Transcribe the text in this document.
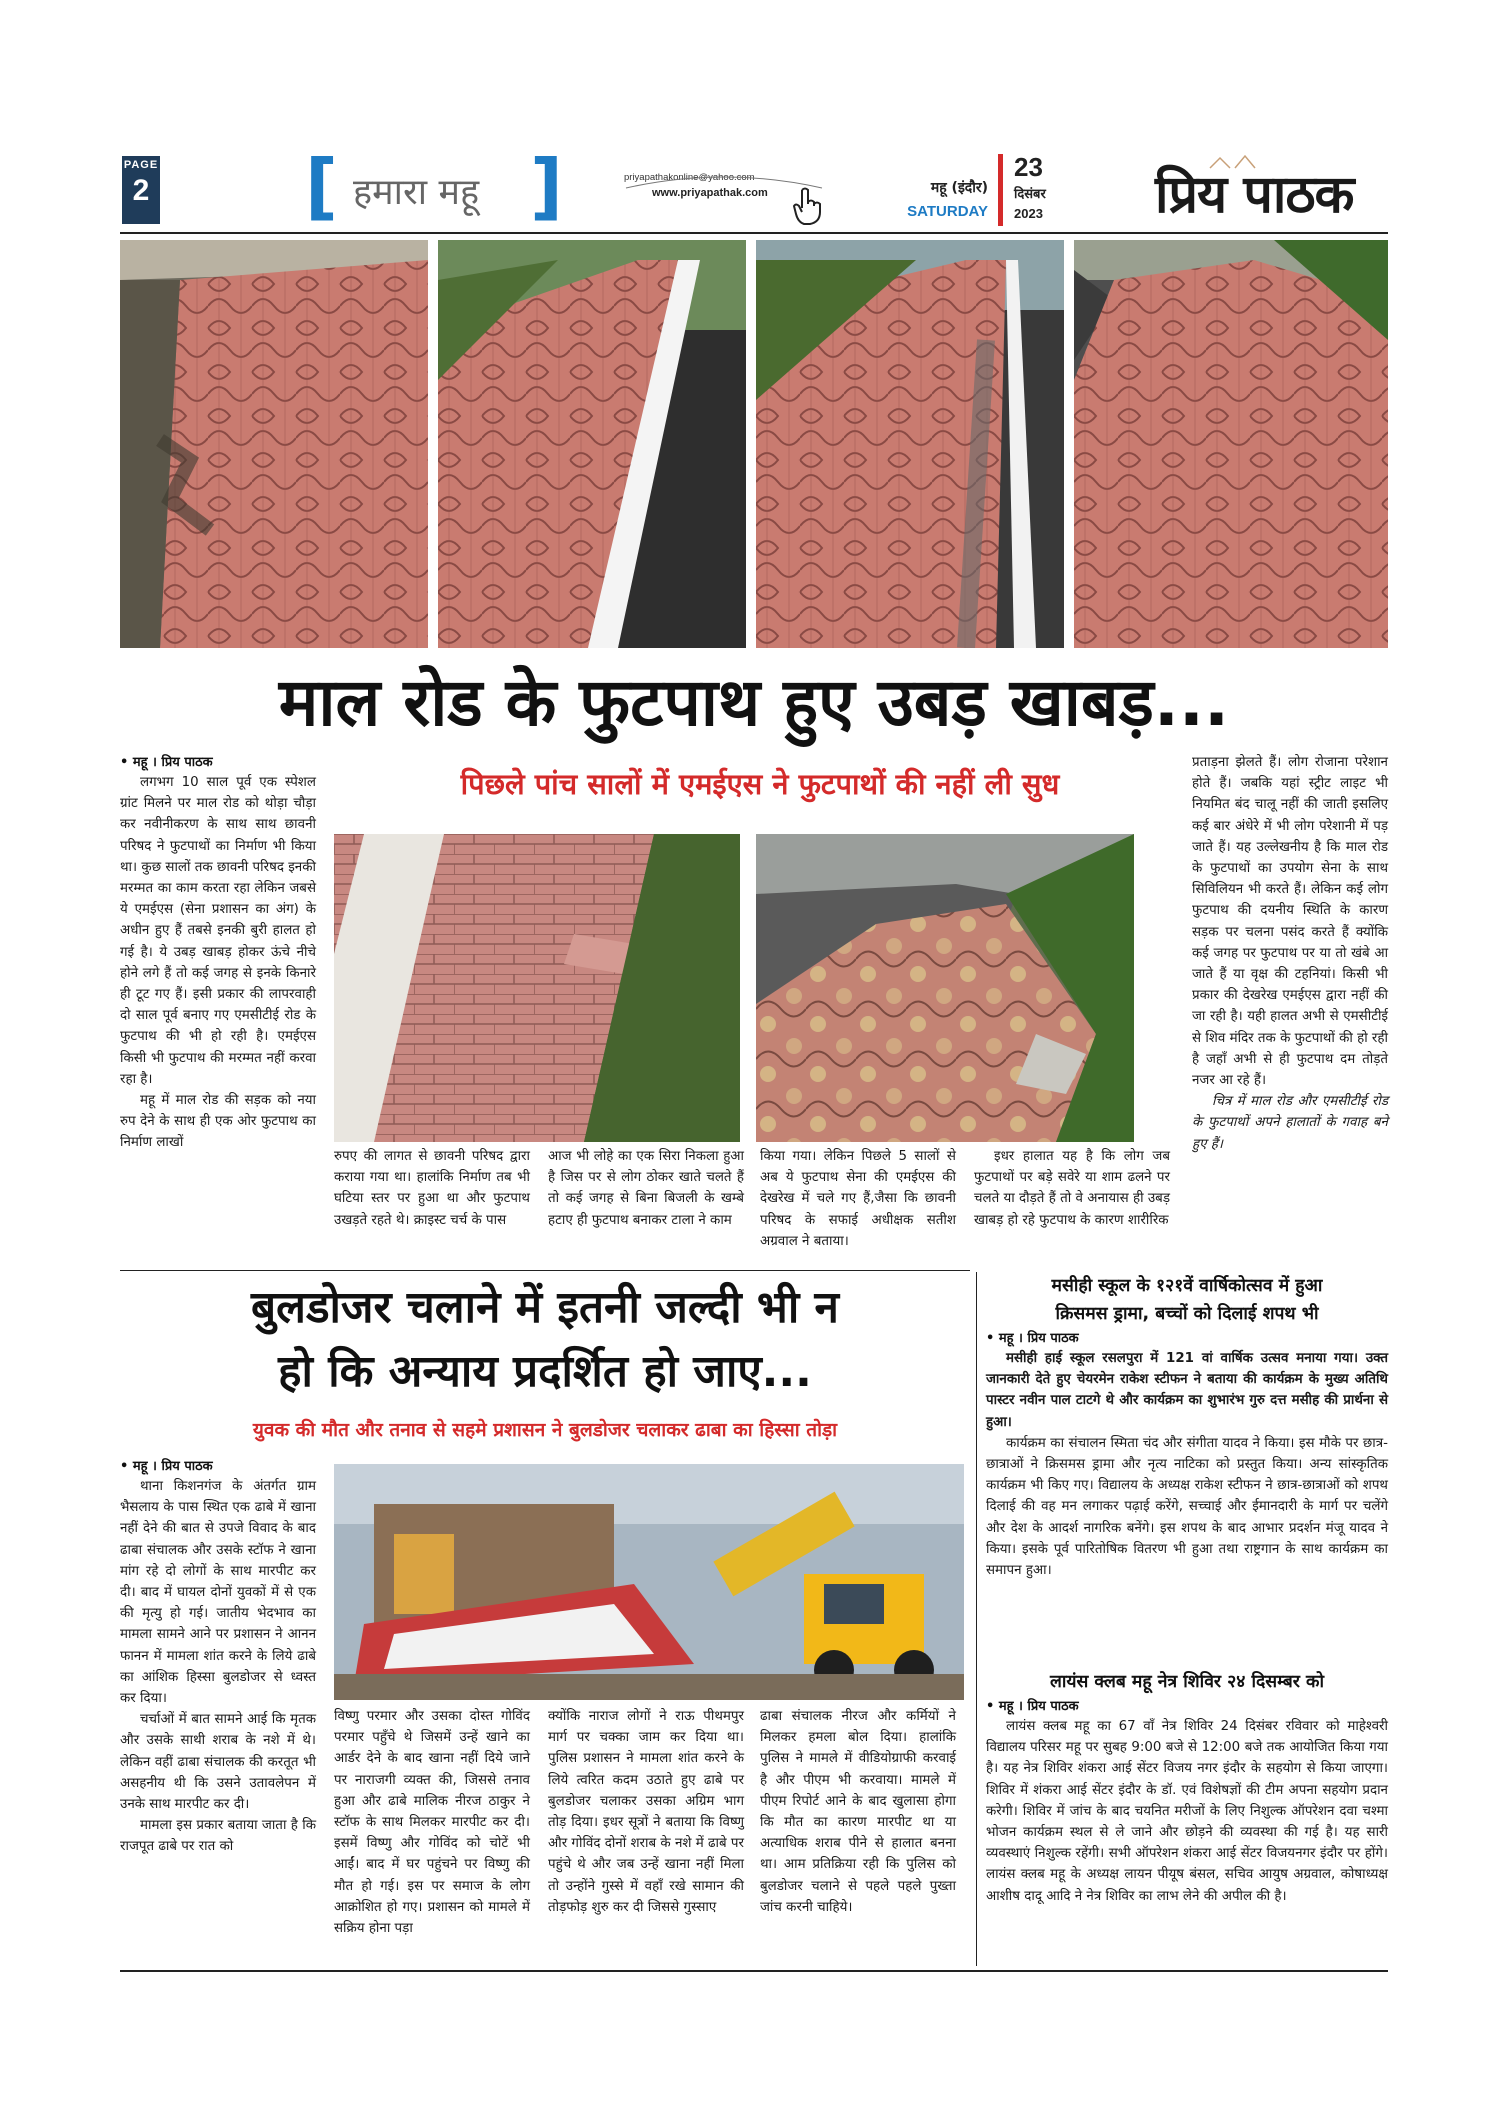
PAGE
2 [ हमारा महू ]	priyapathakonline@yahoo.com
www.priyapathak.com	महू (इंदौर)
SATURDAY
23
दिसंबर
2023 प्रिय पाठक
माल रोड के फुटपाथ हुए उबड़ खाबड़...
• महू । प्रिय पाठक

लगभग 10 साल पूर्व एक स्पेशल ग्रांट मिलने पर माल रोड को थोड़ा चौड़ा कर नवीनीकरण के साथ साथ छावनी परिषद ने फुटपाथों का निर्माण भी किया था। कुछ सालों तक छावनी परिषद इनकी मरम्मत का काम करता रहा लेकिन जबसे ये एमईएस (सेना प्रशासन का अंग) के अधीन हुए हैं तबसे इनकी बुरी हालत हो गई है। ये उबड़ खाबड़ होकर ऊंचे नीचे होने लगे हैं तो कई जगह से इनके किनारे ही टूट गए हैं। इसी प्रकार की लापरवाही दो साल पूर्व बनाए गए एमसीटीई रोड के फुटपाथ की भी हो रही है। एमईएस किसी भी फुटपाथ की मरम्मत नहीं करवा रहा है।

महू में माल रोड की सड़क को नया रुप देने के साथ ही एक ओर फुटपाथ का निर्माण लाखों

पिछले पांच सालों में एमईएस ने फुटपाथों की नहीं ली सुध

रुपए की लागत से छावनी परिषद द्वारा कराया गया था। हालांकि निर्माण तब भी घटिया स्तर पर हुआ था और फुटपाथ उखड़ते रहते थे। क्राइस्ट चर्च के पास

आज भी लोहे का एक सिरा निकला हुआ है जिस पर से लोग ठोकर खाते चलते हैं तो कई जगह से बिना बिजली के खम्बे हटाए ही फुटपाथ बनाकर टाला ने काम

किया गया। लेकिन पिछले 5 सालों से अब ये फुटपाथ सेना की एमईएस की देखरेख में चले गए हैं,जैसा कि छावनी परिषद के सफाई अधीक्षक सतीश अग्रवाल ने बताया।

इधर हालात यह है कि लोग जब फुटपाथों पर बड़े सवेरे या शाम ढलने पर चलते या दौड़ते हैं तो वे अनायास ही उबड़ खाबड़ हो रहे फुटपाथ के कारण शारीरिक

प्रताड़ना झेलते हैं। लोग रोजाना परेशान होते हैं। जबकि यहां स्ट्रीट लाइट भी नियमित बंद चालू नहीं की जाती इसलिए कई बार अंधेरे में भी लोग परेशानी में पड़ जाते हैं। यह उल्लेखनीय है कि माल रोड के फुटपाथों का उपयोग सेना के साथ सिविलियन भी करते हैं। लेकिन कई लोग फुटपाथ की दयनीय स्थिति के कारण सड़क पर चलना पसंद करते हैं क्योंकि कई जगह पर फुटपाथ पर या तो खंबे आ जाते हैं या वृक्ष की टहनियां। किसी भी प्रकार की देखरेख एमईएस द्वारा नहीं की जा रही है। यही हालत अभी से एमसीटीई से शिव मंदिर तक के फुटपाथों की हो रही है जहाँ अभी से ही फुटपाथ दम तोड़ते नजर आ रहे हैं।

चित्र में माल रोड और एमसीटीई रोड के फुटपाथों अपने हालातों के गवाह बने हुए हैं।

बुलडोजर चलाने में इतनी जल्दी भी न
हो कि अन्याय प्रदर्शित हो जाए...
युवक की मौत और तनाव से सहमे प्रशासन ने बुलडोजर चलाकर ढाबा का हिस्सा तोड़ा
• महू । प्रिय पाठक

थाना किशनगंज के अंतर्गत ग्राम भैसलाय के पास स्थित एक ढाबे में खाना नहीं देने की बात से उपजे विवाद के बाद ढाबा संचालक और उसके स्टॉफ ने खाना मांग रहे दो लोगों के साथ मारपीट कर दी। बाद में घायल दोनों युवकों में से एक की मृत्यु हो गई। जातीय भेदभाव का मामला सामने आने पर प्रशासन ने आनन फानन में मामला शांत करने के लिये ढाबे का आंशिक हिस्सा बुलडोजर से ध्वस्त कर दिया।

चर्चाओं में बात सामने आई कि मृतक और उसके साथी शराब के नशे में थे। लेकिन वहीं ढाबा संचालक की करतूत भी असहनीय थी कि उसने उतावलेपन में उनके साथ मारपीट कर दी।

मामला इस प्रकार बताया जाता है कि राजपूत ढाबे पर रात को

विष्णु परमार और उसका दोस्त गोविंद परमार पहुँचे थे जिसमें उन्हें खाने का आर्डर देने के बाद खाना नहीं दिये जाने पर नाराजगी व्यक्त की, जिससे तनाव हुआ और ढाबे मालिक नीरज ठाकुर ने स्टॉफ के साथ मिलकर मारपीट कर दी। इसमें विष्णु और गोविंद को चोटें भी आईं। बाद में घर पहुंचने पर विष्णु की मौत हो गई। इस पर समाज के लोग आक्रोशित हो गए। प्रशासन को मामले में सक्रिय होना पड़ा

क्योंकि नाराज लोगों ने राऊ पीथमपुर मार्ग पर चक्का जाम कर दिया था। पुलिस प्रशासन ने मामला शांत करने के लिये त्वरित कदम उठाते हुए ढाबे पर बुलडोजर चलाकर उसका अग्रिम भाग तोड़ दिया। इधर सूत्रों ने बताया कि विष्णु और गोविंद दोनों शराब के नशे में ढाबे पर पहुंचे थे और जब उन्हें खाना नहीं मिला तो उन्होंने गुस्से में वहाँ रखे सामान की तोड़फोड़ शुरु कर दी जिससे गुस्साए

ढाबा संचालक नीरज और कर्मियों ने मिलकर हमला बोल दिया। हालांकि पुलिस ने मामले में वीडियोग्राफी करवाई है और पीएम भी करवाया। मामले में पीएम रिपोर्ट आने के बाद खुलासा होगा कि मौत का कारण मारपीट था या अत्याधिक शराब पीने से हालात बनना था। आम प्रतिक्रिया रही कि पुलिस को बुलडोजर चलाने से पहले पहले पुख्ता जांच करनी चाहिये।

मसीही स्कूल के १२१वें वार्षिकोत्सव में हुआ
क्रिसमस ड्रामा, बच्चों को दिलाई शपथ भी
• महू । प्रिय पाठक

मसीही हाई स्कूल रसलपुरा में 121 वां वार्षिक उत्सव मनाया गया। उक्त जानकारी देते हुए चेयरमेन राकेश स्टीफन ने बताया की कार्यक्रम के मुख्य अतिथि पास्टर नवीन पाल टाटगे थे और कार्यक्रम का शुभारंभ गुरु दत्त मसीह की प्रार्थना से हुआ।

कार्यक्रम का संचालन स्मिता चंद और संगीता यादव ने किया। इस मौके पर छात्र-छात्राओं ने क्रिसमस ड्रामा और नृत्य नाटिका को प्रस्तुत किया। अन्य सांस्कृतिक कार्यक्रम भी किए गए। विद्यालय के अध्यक्ष राकेश स्टीफन ने छात्र-छात्राओं को शपथ दिलाई की वह मन लगाकर पढ़ाई करेंगे, सच्चाई और ईमानदारी के मार्ग पर चलेंगे और देश के आदर्श नागरिक बनेंगे। इस शपथ के बाद आभार प्रदर्शन मंजू यादव ने किया। इसके पूर्व पारितोषिक वितरण भी हुआ तथा राष्ट्रगान के साथ कार्यक्रम का समापन हुआ।

लायंस क्लब महू नेत्र शिविर २४ दिसम्बर को
• महू । प्रिय पाठक

लायंस क्लब महू का 67 वाँ नेत्र शिविर 24 दिसंबर रविवार को माहेश्वरी विद्यालय परिसर महू पर सुबह 9:00 बजे से 12:00 बजे तक आयोजित किया गया है। यह नेत्र शिविर शंकरा आई सेंटर विजय नगर इंदौर के सहयोग से किया जाएगा। शिविर में शंकरा आई सेंटर इंदौर के डॉ. एवं विशेषज्ञों की टीम अपना सहयोग प्रदान करेगी। शिविर में जांच के बाद चयनित मरीजों के लिए निशुल्क ऑपरेशन दवा चश्मा भोजन कार्यक्रम स्थल से ले जाने और छोड़ने की व्यवस्था की गई है। यह सारी व्यवस्थाएं निशुल्क रहेंगी। सभी ऑपरेशन शंकरा आई सेंटर विजयनगर इंदौर पर होंगे। लायंस क्लब महू के अध्यक्ष लायन पीयूष बंसल, सचिव आयुष अग्रवाल, कोषाध्यक्ष आशीष दादू आदि ने नेत्र शिविर का लाभ लेने की अपील की है।
